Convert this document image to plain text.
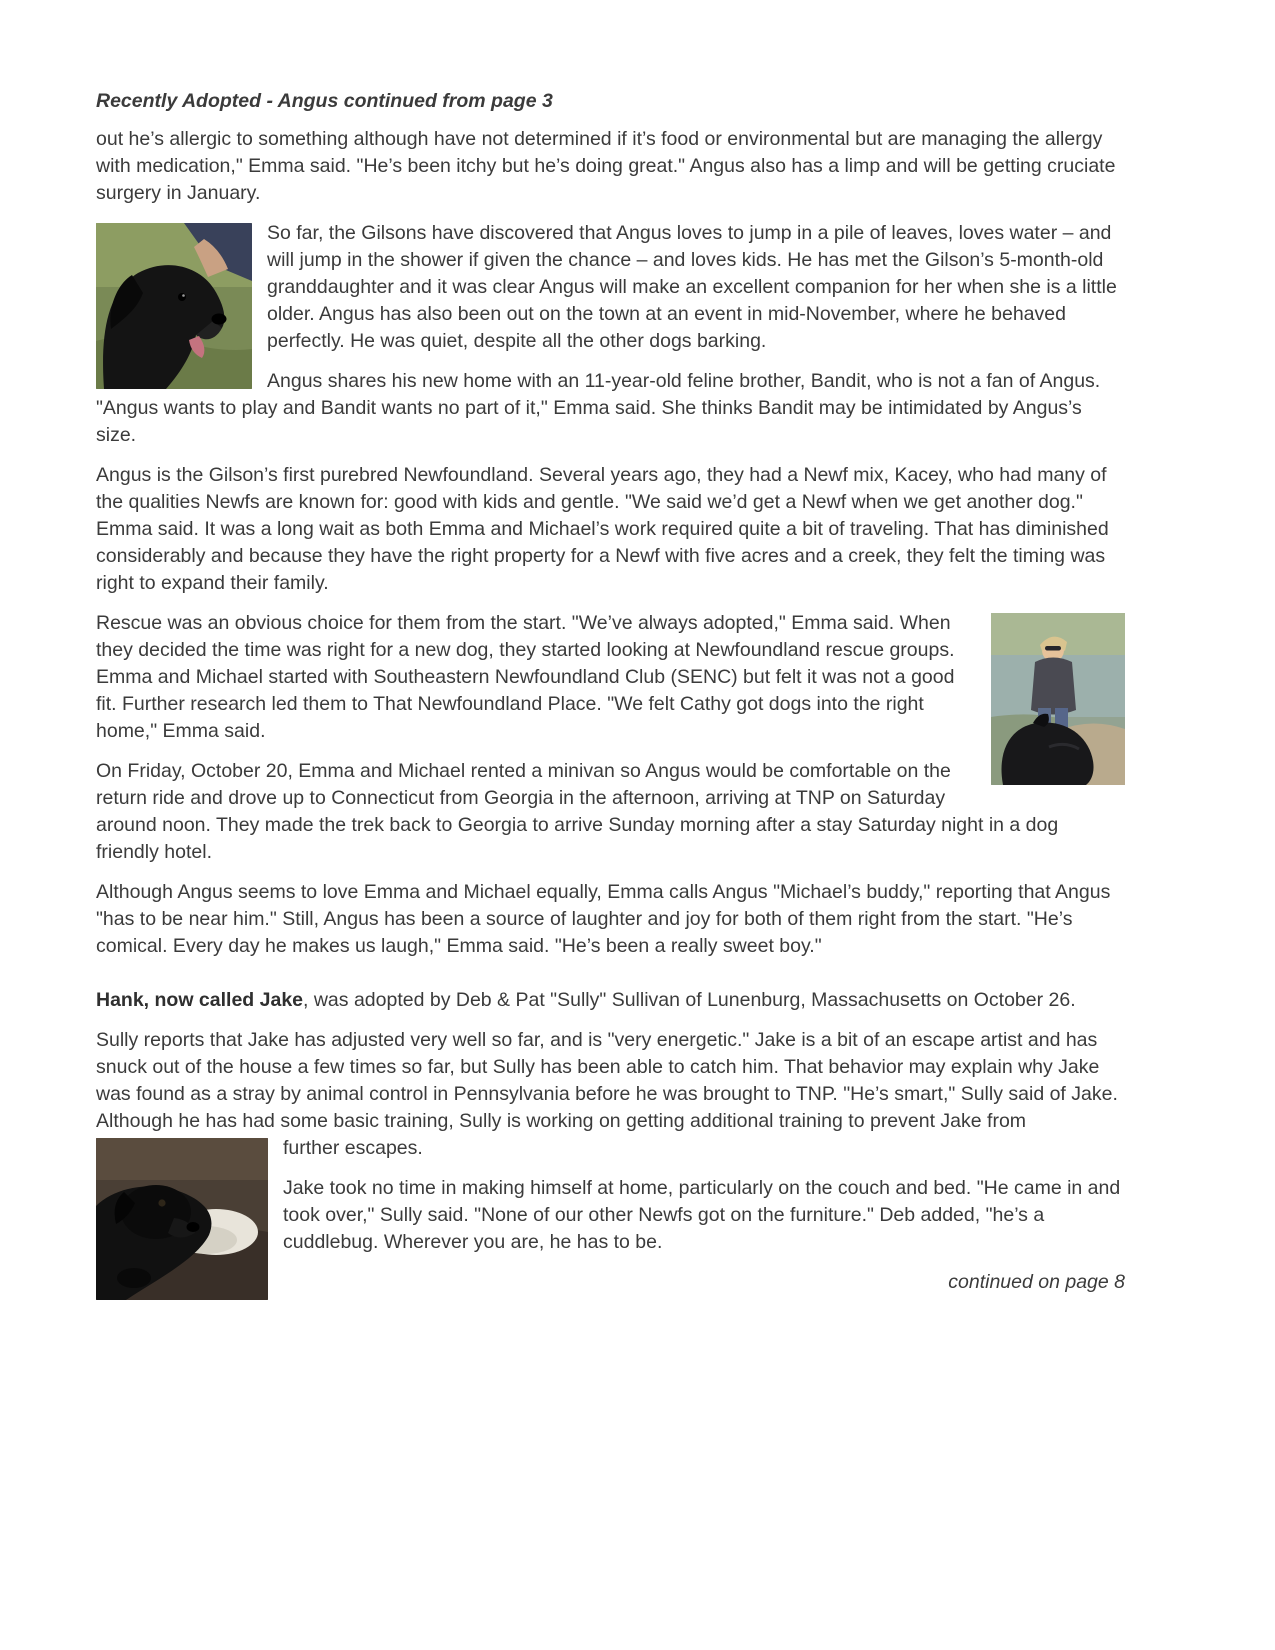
Recently Adopted - Angus continued from page 3

out he’s allergic to something although have not determined if it’s food or environmental but are managing the allergy with medication," Emma said. "He’s been itchy but he’s doing great." Angus also has a limp and will be getting cruciate surgery in January.

So far, the Gilsons have discovered that Angus loves to jump in a pile of leaves, loves water – and will jump in the shower if given the chance – and loves kids. He has met the Gilson’s 5-month-old granddaughter and it was clear Angus will make an excellent companion for her when she is a little older. Angus has also been out on the town at an event in mid-November, where he behaved perfectly. He was quiet, despite all the other dogs barking.

Angus shares his new home with an 11-year-old feline brother, Bandit, who is not a fan of Angus. "Angus wants to play and Bandit wants no part of it," Emma said. She thinks Bandit may be intimidated by Angus’s size.

Angus is the Gilson’s first purebred Newfoundland. Several years ago, they had a Newf mix, Kacey, who had many of the qualities Newfs are known for: good with kids and gentle. "We said we’d get a Newf when we get another dog." Emma said. It was a long wait as both Emma and Michael’s work required quite a bit of traveling. That has diminished considerably and because they have the right property for a Newf with five acres and a creek, they felt the timing was right to expand their family.

Rescue was an obvious choice for them from the start. "We’ve always adopted," Emma said. When they decided the time was right for a new dog, they started looking at Newfoundland rescue groups. Emma and Michael started with Southeastern Newfoundland Club (SENC) but felt it was not a good fit. Further research led them to That Newfoundland Place. "We felt Cathy got dogs into the right home," Emma said.

On Friday, October 20, Emma and Michael rented a minivan so Angus would be comfortable on the return ride and drove up to Connecticut from Georgia in the afternoon, arriving at TNP on Saturday around noon. They made the trek back to Georgia to arrive Sunday morning after a stay Saturday night in a dog friendly hotel.

Although Angus seems to love Emma and Michael equally, Emma calls Angus "Michael’s buddy," reporting that Angus "has to be near him." Still, Angus has been a source of laughter and joy for both of them right from the start. "He’s comical. Every day he makes us laugh," Emma said. "He’s been a really sweet boy."

Hank, now called Jake, was adopted by Deb & Pat "Sully" Sullivan of Lunenburg, Massachusetts on October 26.

Sully reports that Jake has adjusted very well so far, and is "very energetic." Jake is a bit of an escape artist and has snuck out of the house a few times so far, but Sully has been able to catch him. That behavior may explain why Jake was found as a stray by animal control in Pennsylvania before he was brought to TNP. "He’s smart," Sully said of Jake. Although he has had some basic training, Sully is working on getting additional training to prevent Jake from

further escapes.

Jake took no time in making himself at home, particularly on the couch and bed. "He came in and took over," Sully said. "None of our other Newfs got on the furniture." Deb added, "he’s a cuddlebug. Wherever you are, he has to be.

continued on page 8
